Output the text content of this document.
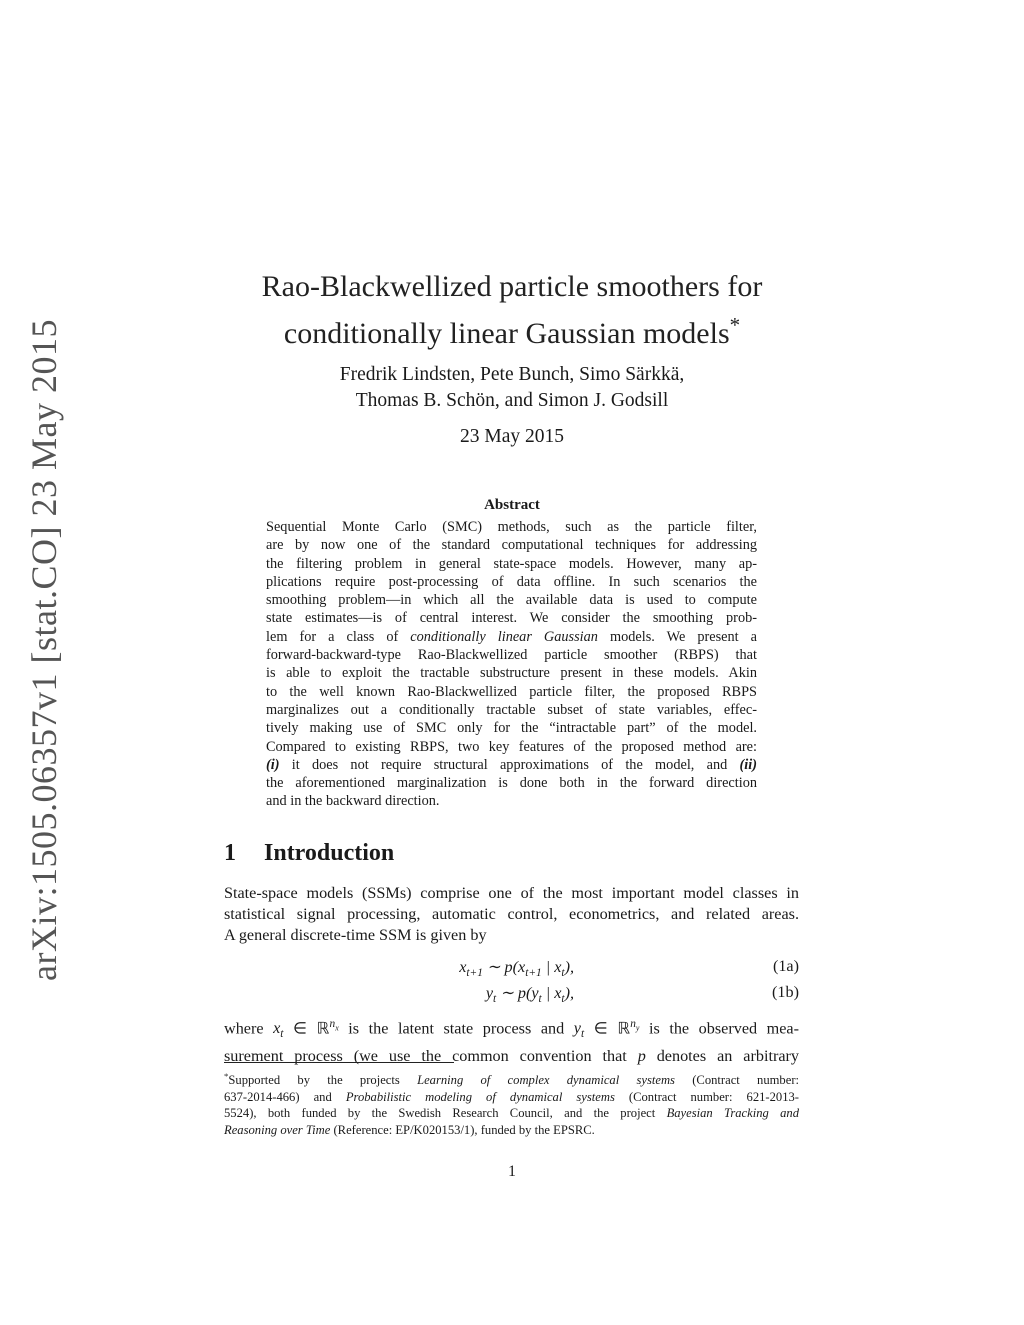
arXiv:1505.06357v1 [stat.CO] 23 May 2015
Rao-Blackwellized particle smoothers for
conditionally linear Gaussian models*
Fredrik Lindsten, Pete Bunch, Simo Särkkä,
Thomas B. Schön, and Simon J. Godsill
23 May 2015
Abstract
Sequential Monte Carlo (SMC) methods, such as the particle filter,
are by now one of the standard computational techniques for addressing
the filtering problem in general state-space models. However, many ap-
plications require post-processing of data offline. In such scenarios the
smoothing problem—in which all the available data is used to compute
state estimates—is of central interest. We consider the smoothing prob-
lem for a class of conditionally linear Gaussian models. We present a
forward-backward-type Rao-Blackwellized particle smoother (RBPS) that
is able to exploit the tractable substructure present in these models. Akin
to the well known Rao-Blackwellized particle filter, the proposed RBPS
marginalizes out a conditionally tractable subset of state variables, effec-
tively making use of SMC only for the “intractable part” of the model.
Compared to existing RBPS, two key features of the proposed method are:
(i) it does not require structural approximations of the model, and (ii)
the aforementioned marginalization is done both in the forward direction
and in the backward direction.
1 Introduction
State-space models (SSMs) comprise one of the most important model classes in
statistical signal processing, automatic control, econometrics, and related areas.
A general discrete-time SSM is given by
$x_{t+1}$ ∼ $p(x_{t+1}$ | $x_t$),	(1a)
$y_t$ ∼ $p(y_t$ | $x_t$),	(1b)
where $x_t$ ∈ ℝ$^{n_x}$ is the latent state process and $y_t$ ∈ ℝ$^{n_y}$ is the observed mea-
surement process (we use the common convention that p denotes an arbitrary
*Supported by the projects Learning of complex dynamical systems (Contract number:
637-2014-466) and Probabilistic modeling of dynamical systems (Contract number: 621-2013-
5524), both funded by the Swedish Research Council, and the project Bayesian Tracking and
Reasoning over Time (Reference: EP/K020153/1), funded by the EPSRC.
1
